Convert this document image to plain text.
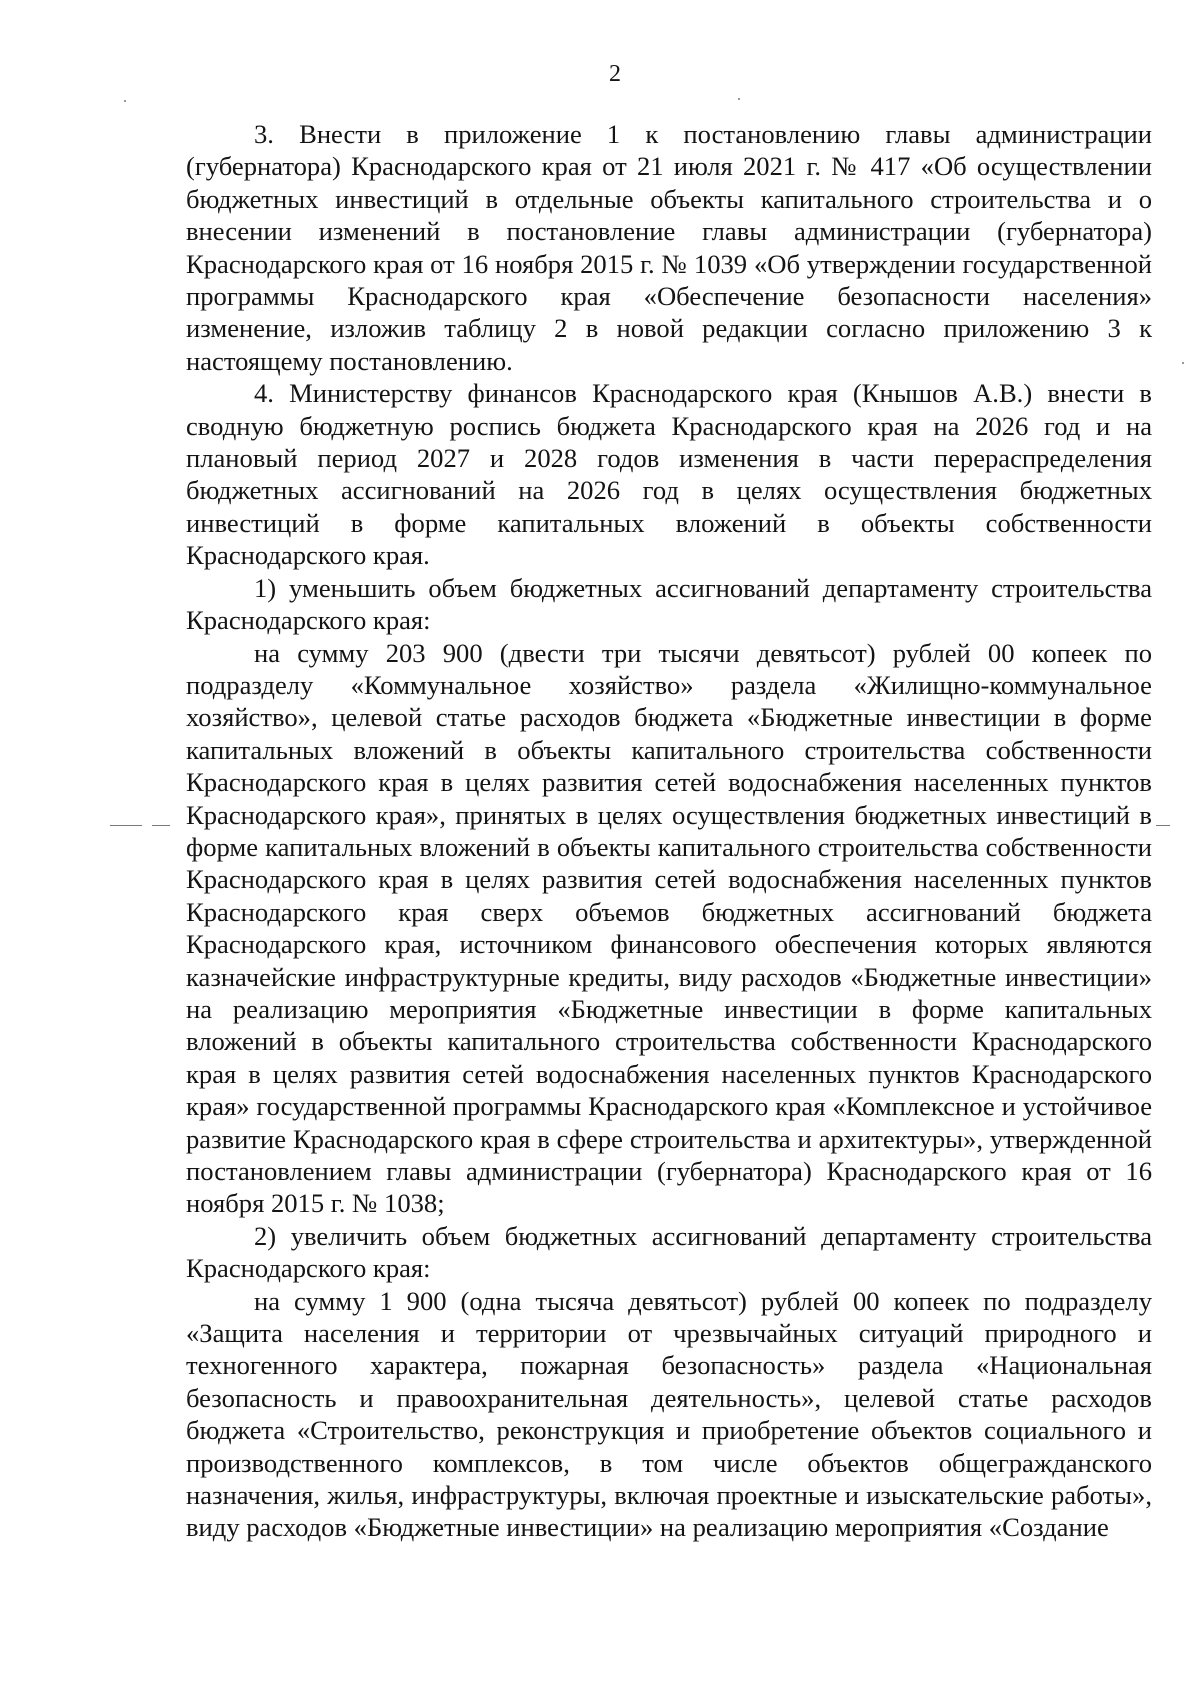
2

3. Внести в приложение 1 к постановлению главы администрации (губернатора) Краснодарского края от 21 июля 2021 г. № 417 «Об осуществлении бюджетных инвестиций в отдельные объекты капитального строительства и о внесении изменений в постановление главы администрации (губернатора) Краснодарского края от 16 ноября 2015 г. № 1039 «Об утверждении государственной программы Краснодарского края «Обеспечение безопасности населения» изменение, изложив таблицу 2 в новой редакции согласно приложению 3 к настоящему постановлению.

4. Министерству финансов Краснодарского края (Кнышов А.В.) внести в сводную бюджетную роспись бюджета Краснодарского края на 2026 год и на плановый период 2027 и 2028 годов изменения в части перераспределения бюджетных ассигнований на 2026 год в целях осуществления бюджетных инвестиций в форме капитальных вложений в объекты собственности Краснодарского края.

1) уменьшить объем бюджетных ассигнований департаменту строительства Краснодарского края:

на сумму 203 900 (двести три тысячи девятьсот) рублей 00 копеек по подразделу «Коммунальное хозяйство» раздела «Жилищно-коммунальное хозяйство», целевой статье расходов бюджета «Бюджетные инвестиции в форме капитальных вложений в объекты капитального строительства собственности Краснодарского края в целях развития сетей водоснабжения населенных пунктов Краснодарского края», принятых в целях осуществления бюджетных инвестиций в форме капитальных вложений в объекты капитального строительства собственности Краснодарского края в целях развития сетей водоснабжения населенных пунктов Краснодарского края сверх объемов бюджетных ассигнований бюджета Краснодарского края, источником финансового обеспечения которых являются казначейские инфраструктурные кредиты, виду расходов «Бюджетные инвестиции» на реализацию мероприятия «Бюджетные инвестиции в форме капитальных вложений в объекты капитального строительства собственности Краснодарского края в целях развития сетей водоснабжения населенных пунктов Краснодарского края» государственной программы Краснодарского края «Комплексное и устойчивое развитие Краснодарского края в сфере строительства и архитектуры», утвержденной постановлением главы администрации (губернатора) Краснодарского края от 16 ноября 2015 г. № 1038;

2) увеличить объем бюджетных ассигнований департаменту строительства Краснодарского края:

на сумму 1 900 (одна тысяча девятьсот) рублей 00 копеек по подразделу «Защита населения и территории от чрезвычайных ситуаций природного и техногенного характера, пожарная безопасность» раздела «Национальная безопасность и правоохранительная деятельность», целевой статье расходов бюджета «Строительство, реконструкция и приобретение объектов социального и производственного комплексов, в том числе объектов общегражданского назначения, жилья, инфраструктуры, включая проектные и изыскательские работы», виду расходов «Бюджетные инвестиции» на реализацию мероприятия «Создание
